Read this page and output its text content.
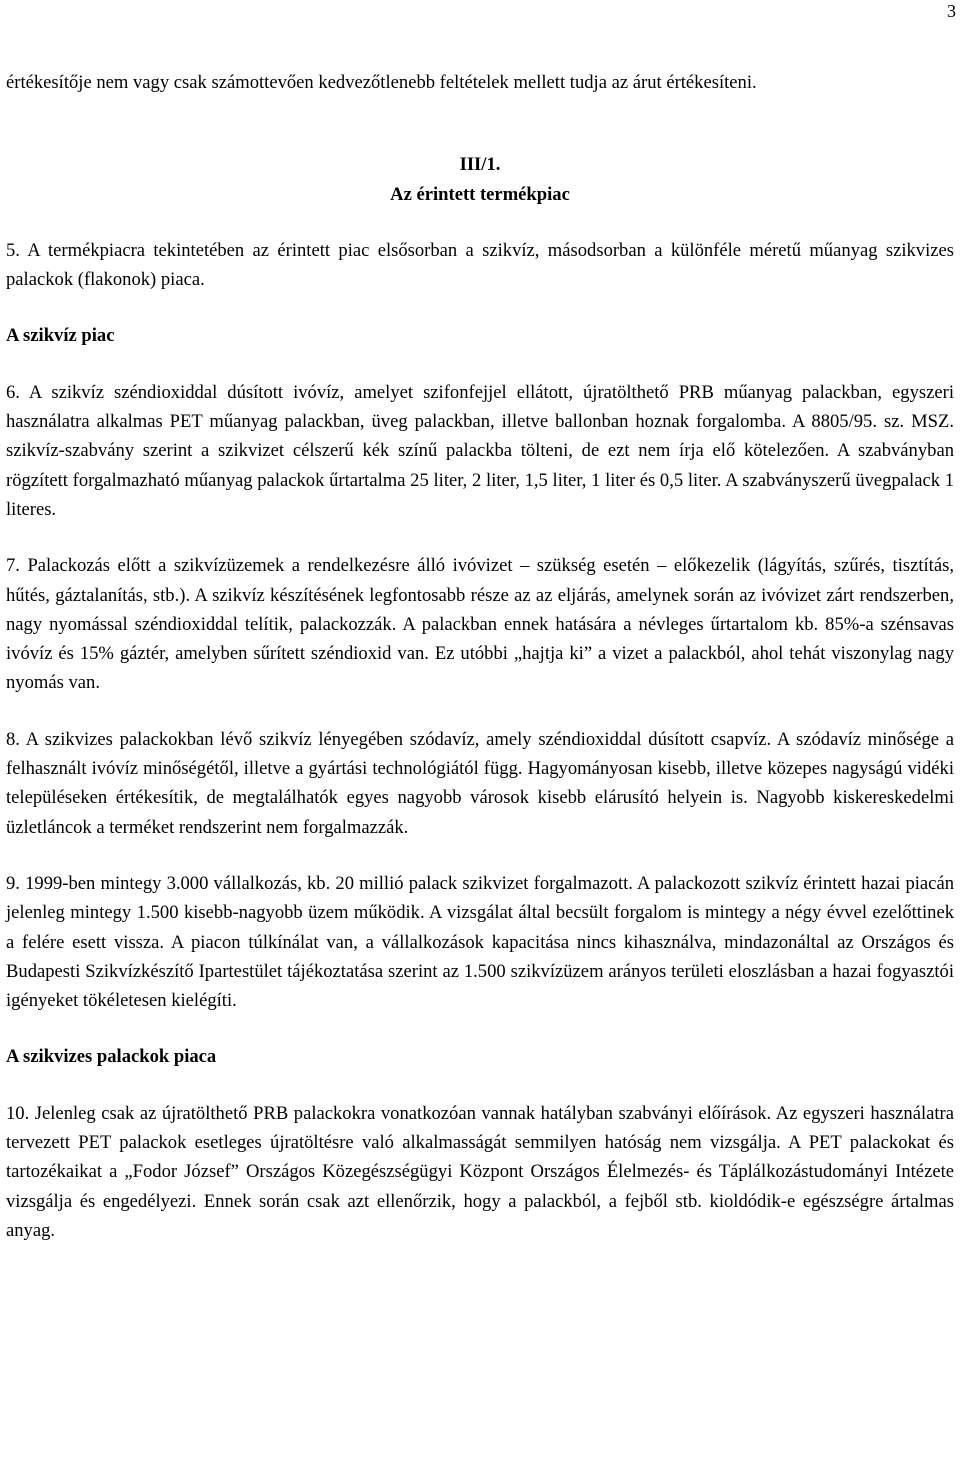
3

értékesítője nem vagy csak számottevően kedvezőtlenebb feltételek mellett tudja az árut értékesíteni.

III/1.
Az érintett termékpiac

5. A termékpiacra tekintetében az érintett piac elsősorban a szikvíz, másodsorban a különféle méretű műanyag szikvizes palackok (flakonok) piaca.

A szikvíz piac

6. A szikvíz széndioxiddal dúsított ivóvíz, amelyet szifonfejjel ellátott, újratölthető PRB műanyag palackban, egyszeri használatra alkalmas PET műanyag palackban, üveg palackban, illetve ballonban hoznak forgalomba. A 8805/95. sz. MSZ. szikvíz-szabvány szerint a szikvizet célszerű kék színű palackba tölteni, de ezt nem írja elő kötelezően. A szabványban rögzített forgalmazható műanyag palackok űrtartalma 25 liter, 2 liter, 1,5 liter, 1 liter és 0,5 liter. A szabványszerű üvegpalack 1 literes.

7. Palackozás előtt a szikvízüzemek a rendelkezésre álló ivóvizet – szükség esetén – előkezelik (lágyítás, szűrés, tisztítás, hűtés, gáztalanítás, stb.). A szikvíz készítésének legfontosabb része az az eljárás, amelynek során az ivóvizet zárt rendszerben, nagy nyomással széndioxiddal telítik, palackozzák. A palackban ennek hatására a névleges űrtartalom kb. 85%-a szénsavas ivóvíz és 15% gáztér, amelyben sűrített széndioxid van. Ez utóbbi „hajtja ki” a vizet a palackból, ahol tehát viszonylag nagy nyomás van.

8. A szikvizes palackokban lévő szikvíz lényegében szódavíz, amely széndioxiddal dúsított csapvíz. A szódavíz minősége a felhasznált ivóvíz minőségétől, illetve a gyártási technológiától függ. Hagyományosan kisebb, illetve közepes nagyságú vidéki településeken értékesítik, de megtalálhatók egyes nagyobb városok kisebb elárusító helyein is. Nagyobb kiskereskedelmi üzletláncok a terméket rendszerint nem forgalmazzák.

9. 1999-ben mintegy 3.000 vállalkozás, kb. 20 millió palack szikvizet forgalmazott. A palackozott szikvíz érintett hazai piacán jelenleg mintegy 1.500 kisebb-nagyobb üzem működik. A vizsgálat által becsült forgalom is mintegy a négy évvel ezelőttinek a felére esett vissza. A piacon túlkínálat van, a vállalkozások kapacitása nincs kihasználva, mindazonáltal az Országos és Budapesti Szikvízkészítő Ipartestület tájékoztatása szerint az 1.500 szikvízüzem arányos területi eloszlásban a hazai fogyasztói igényeket tökéletesen kielégíti.

A szikvizes palackok piaca

10. Jelenleg csak az újratölthető PRB palackokra vonatkozóan vannak hatályban szabványi előírások. Az egyszeri használatra tervezett PET palackok esetleges újratöltésre való alkalmasságát semmilyen hatóság nem vizsgálja. A PET palackokat és tartozékaikat a „Fodor József” Országos Közegészségügyi Központ Országos Élelmezés- és Táplálkozástudományi Intézete vizsgálja és engedélyezi. Ennek során csak azt ellenőrzik, hogy a palackból, a fejből stb. kioldódik-e egészségre ártalmas anyag.
